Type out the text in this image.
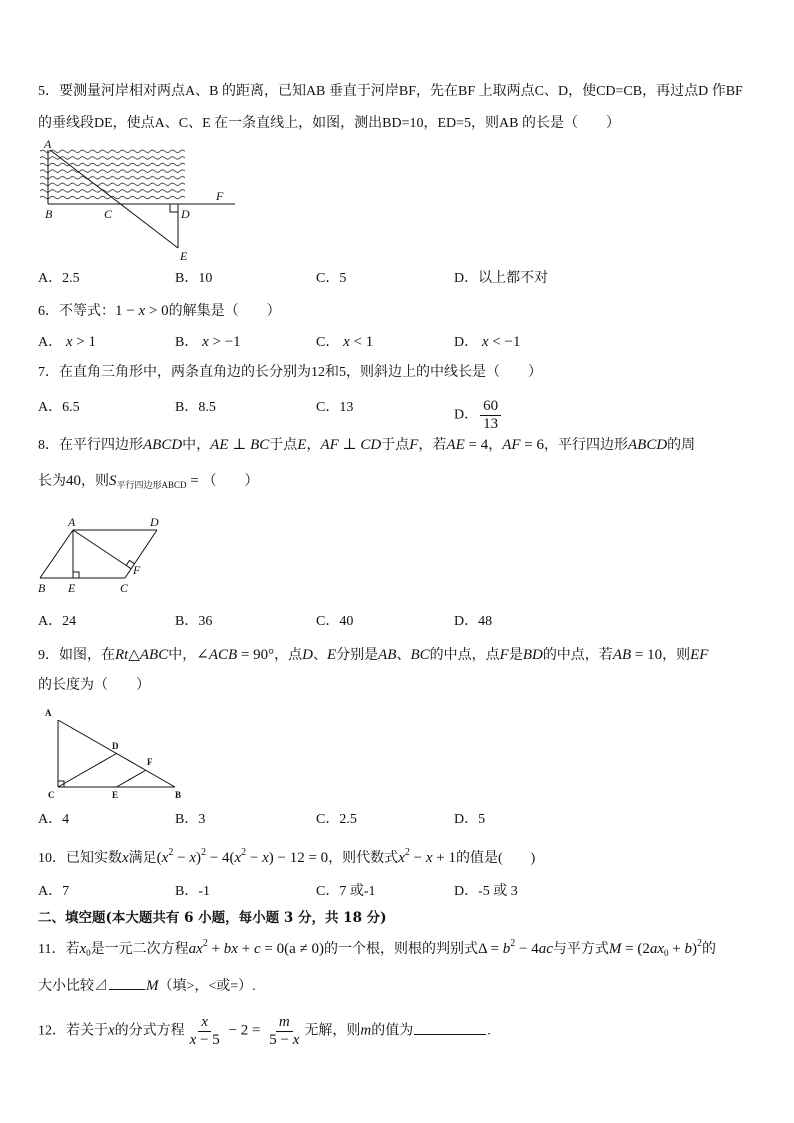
5．要测量河岸相对两点A、B 的距离，已知AB 垂直于河岸BF，先在BF 上取两点C、D，使CD=CB，再过点D 作BF
的垂线段DE，使点A、C、E 在一条直线上，如图，测出BD=10，ED=5，则AB 的长是（　　）
A
B	C	D
E
F
A．2.5	B．10	C．5	D．以上都不对
6．不等式：1 − x > 0的解集是（　　）
A． x > 1	B． x > −1	C． x < 1	D． x < −1
7．在直角三角形中，两条直角边的长分别为12和5，则斜边上的中线长是（　　）
A．6.5	B．8.5	C．13
D． $\frac{60}{13}$
8．在平行四边形ABCD中，AE ⊥ BC于点E，AF ⊥ CD于点F，若AE = 4，AF = 6，平行四边形ABCD的周
长为40，则$S_{平行四边形ABCD}$ = （　　）
A	D
B E	C
F
A．24	B．36	C．40	D．48
9．如图，在Rt△ABC中，∠ACB = 90°，点D、E分别是AB、BC的中点，点F是BD的中点，若AB = 10，则EF
的长度为（　　）
A
D
F
C	E	B
A．4	B．3	C．2.5	D．5
10．已知实数x满足$(x^2 - x)^2 - 4(x^2 - x) - 12 = 0$，则代数式$x^2 - x + 1$的值是(　　)
A．7	B．-1	C．7 或-1	D．-5 或 3
二、填空题(本大题共有 6 小题，每小题 3 分，共 18 分)
11．若$x_0$是一元二次方程$ax^2$ + bx + c = 0(a ≠ 0)的一个根，则根的判别式$\Delta = b^2 - 4ac$与平方式$M = (2ax_0 + b)^2$的
大小比较⊿	M（填>，<或=）.
12．若关于x的分式方程 $\frac{x}{x - 5} - 2 = \frac{m}{5 - x}$ 无解，则m的值为	.
